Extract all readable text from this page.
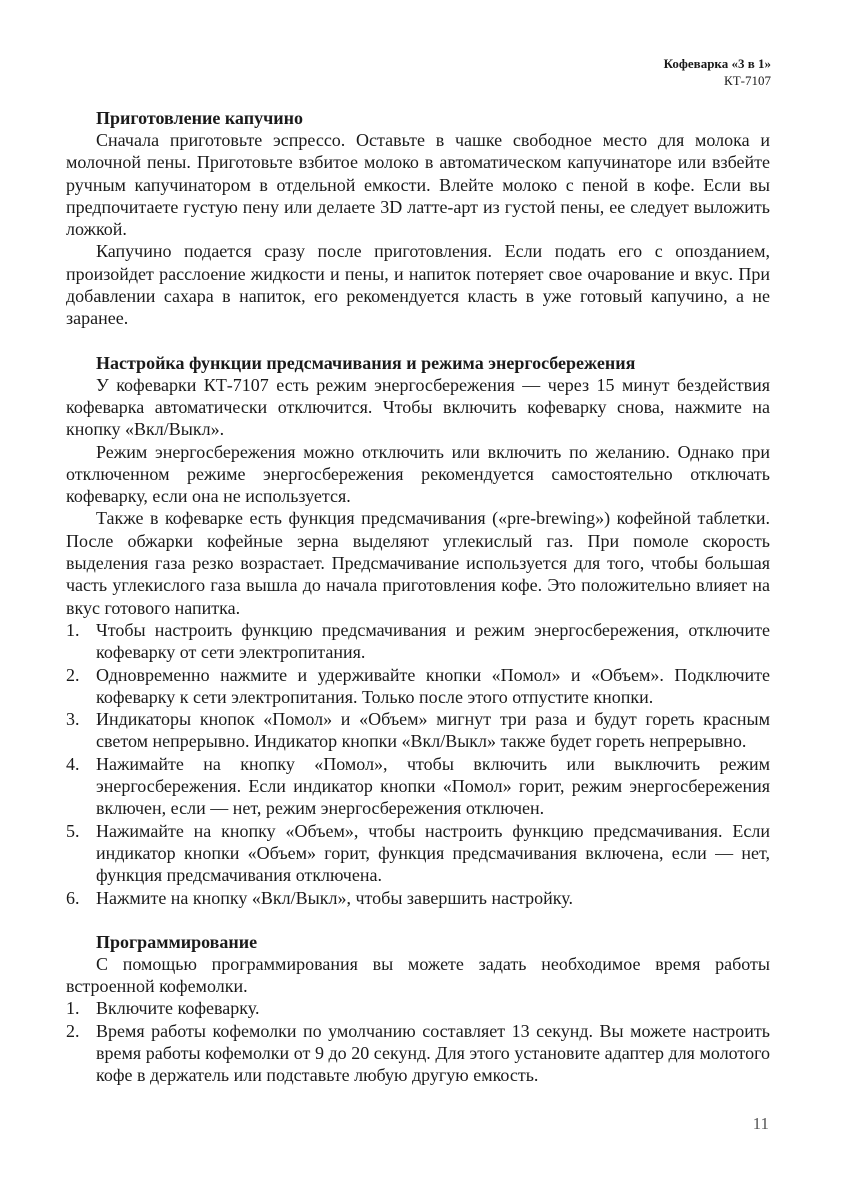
Кофеварка «3 в 1»
КТ-7107
Приготовление капучино

Сначала приготовьте эспрессо. Оставьте в чашке свободное место для молока и молочной пены. Приготовьте взбитое молоко в автоматическом капучинаторе или взбейте ручным капучинатором в отдельной емкости. Влейте молоко с пеной в кофе. Если вы предпочитаете густую пену или делаете 3D латте-арт из густой пены, ее следует выложить ложкой.

Капучино подается сразу после приготовления. Если подать его с опозданием, произойдет расслоение жидкости и пены, и напиток потеряет свое очарование и вкус. При добавлении сахара в напиток, его рекомендуется класть в уже готовый капучино, а не заранее.

Настройка функции предсмачивания и режима энергосбережения

У кофеварки КТ-7107 есть режим энергосбережения — через 15 минут бездействия кофеварка автоматически отключится. Чтобы включить кофеварку снова, нажмите на кнопку «Вкл/Выкл».

Режим энергосбережения можно отключить или включить по желанию. Однако при отключенном режиме энергосбережения рекомендуется самостоятельно отключать кофеварку, если она не используется.

Также в кофеварке есть функция предсмачивания («pre-brewing») кофейной таблетки. После обжарки кофейные зерна выделяют углекислый газ. При помоле скорость выделения газа резко возрастает. Предсмачивание используется для того, чтобы большая часть углекислого газа вышла до начала приготовления кофе. Это положительно влияет на вкус готового напитка.

1. Чтобы настроить функцию предсмачивания и режим энергосбережения, отключите кофеварку от сети электропитания.
2. Одновременно нажмите и удерживайте кнопки «Помол» и «Объем». Подключите кофеварку к сети электропитания. Только после этого отпустите кнопки.
3. Индикаторы кнопок «Помол» и «Объем» мигнут три раза и будут гореть красным светом непрерывно. Индикатор кнопки «Вкл/Выкл» также будет гореть непрерывно.
4. Нажимайте на кнопку «Помол», чтобы включить или выключить режим энергосбережения. Если индикатор кнопки «Помол» горит, режим энергосбережения включен, если — нет, режим энергосбережения отключен.
5. Нажимайте на кнопку «Объем», чтобы настроить функцию предсмачивания. Если индикатор кнопки «Объем» горит, функция предсмачивания включена, если — нет, функция предсмачивания отключена.
6. Нажмите на кнопку «Вкл/Выкл», чтобы завершить настройку.
Программирование

С помощью программирования вы можете задать необходимое время работы встроенной кофемолки.

1. Включите кофеварку.
2. Время работы кофемолки по умолчанию составляет 13 секунд. Вы можете настроить время работы кофемолки от 9 до 20 секунд. Для этого установите адаптер для молотого кофе в держатель или подставьте любую другую емкость.
11
